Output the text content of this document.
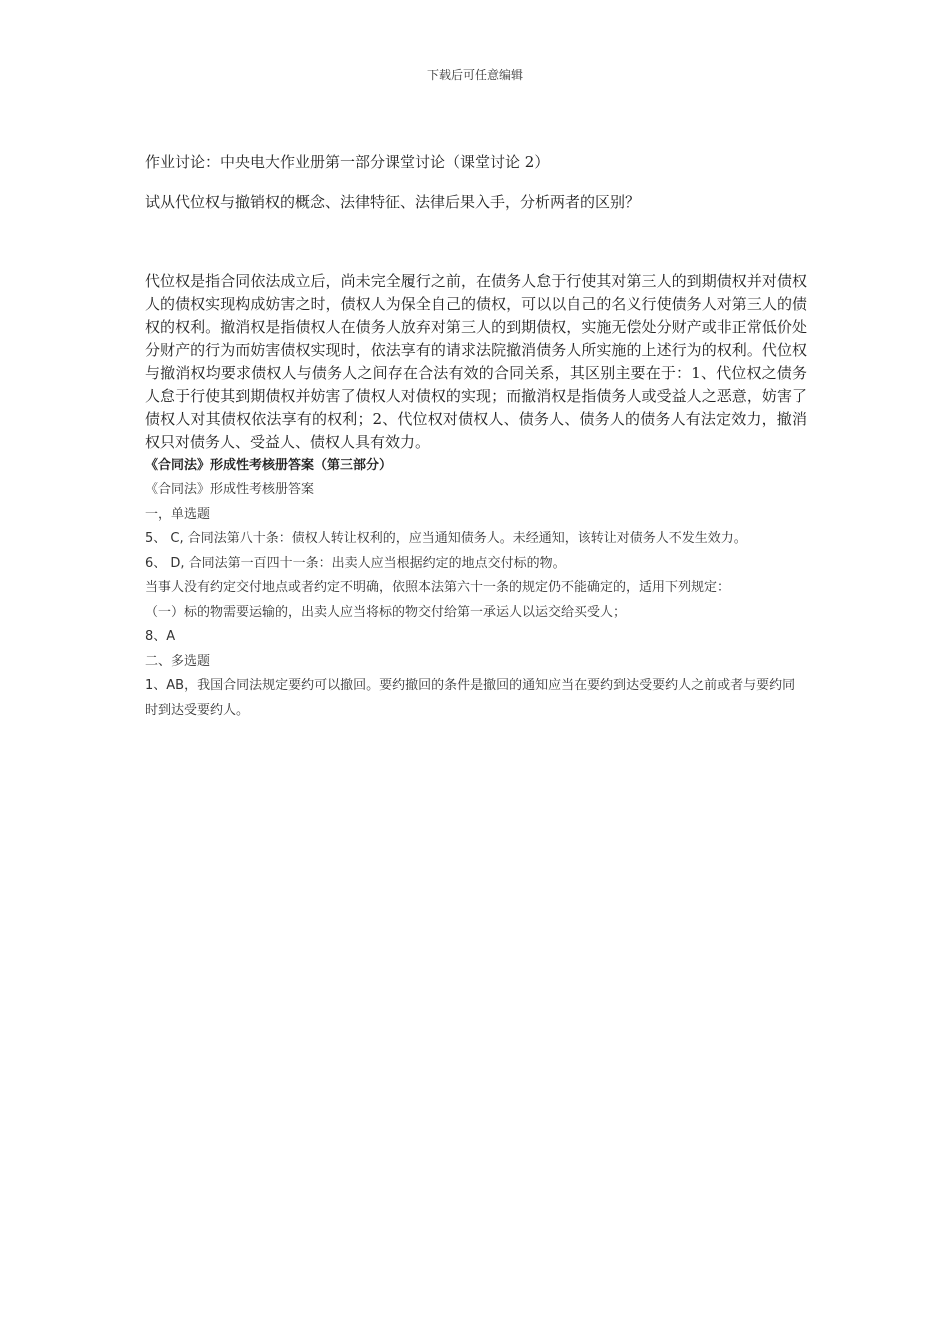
下载后可任意编辑

作业讨论：中央电大作业册第一部分课堂讨论（课堂讨论 2）

试从代位权与撤销权的概念、法律特征、法律后果入手，分析两者的区别？

代位权是指合同依法成立后，尚未完全履行之前，在债务人怠于行使其对第三人的到期债权并对债权人的债权实现构成妨害之时，债权人为保全自己的债权，可以以自己的名义行使债务人对第三人的债权的权利。撤消权是指债权人在债务人放弃对第三人的到期债权，实施无偿处分财产或非正常低价处分财产的行为而妨害债权实现时，依法享有的请求法院撤消债务人所实施的上述行为的权利。代位权与撤消权均要求债权人与债务人之间存在合法有效的合同关系，其区别主要在于：1、代位权之债务人怠于行使其到期债权并妨害了债权人对债权的实现；而撤消权是指债务人或受益人之恶意，妨害了债权人对其债权依法享有的权利；2、代位权对债权人、债务人、债务人的债务人有法定效力，撤消权只对债务人、受益人、债权人具有效力。

《合同法》形成性考核册答案（第三部分）

《合同法》形成性考核册答案

一，单选题

5、 C, 合同法第八十条：债权人转让权利的，应当通知债务人。未经通知，该转让对债务人不发生效力。

6、 D, 合同法第一百四十一条：出卖人应当根据约定的地点交付标的物。

当事人没有约定交付地点或者约定不明确，依照本法第六十一条的规定仍不能确定的，适用下列规定：

（一）标的物需要运输的，出卖人应当将标的物交付给第一承运人以运交给买受人；

8、A

二、多选题

1、AB，我国合同法规定要约可以撤回。要约撤回的条件是撤回的通知应当在要约到达受要约人之前或者与要约同时到达受要约人。
